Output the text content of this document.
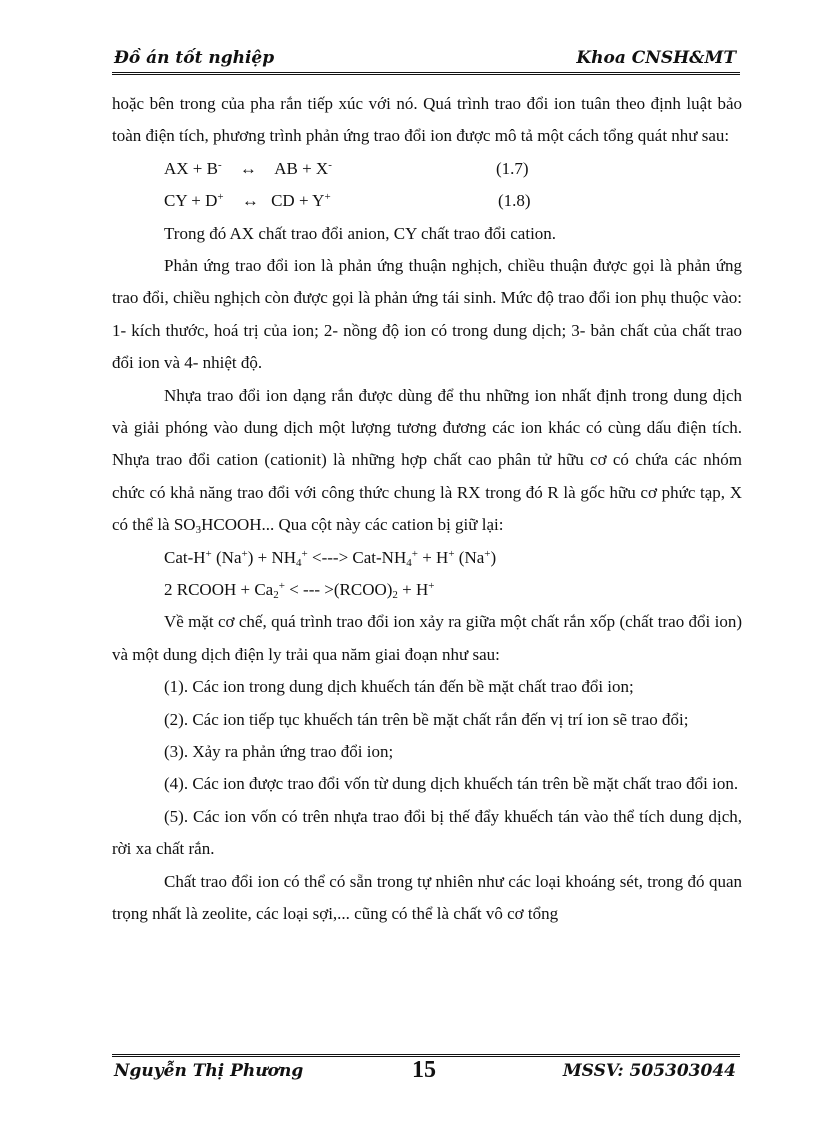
Đồ án tốt nghiệp	Khoa CNSH&MT

hoặc bên trong của pha rắn tiếp xúc với nó. Quá trình trao đổi ion tuân theo định luật bảo toàn điện tích, phương trình phản ứng trao đổi ion được mô tả một cách tổng quát như sau:

AX + B- ↔ AB + X-	(1.7)
CY + D+ ↔ CD + Y+	(1.8)

Trong đó AX chất trao đổi anion, CY chất trao đổi cation.

Phản ứng trao đổi ion là phản ứng thuận nghịch, chiều thuận được gọi là phản ứng trao đổi, chiều nghịch còn được gọi là phản ứng tái sinh. Mức độ trao đổi ion phụ thuộc vào: 1- kích thước, hoá trị của ion; 2- nồng độ ion có trong dung dịch; 3- bản chất của chất trao đổi ion và 4- nhiệt độ.

Nhựa trao đổi ion dạng rắn được dùng để thu những ion nhất định trong dung dịch và giải phóng vào dung dịch một lượng tương đương các ion khác có cùng dấu điện tích. Nhựa trao đổi cation (cationit) là những hợp chất cao phân tử hữu cơ có chứa các nhóm chức có khả năng trao đổi với công thức chung là RX trong đó R là gốc hữu cơ phức tạp, X có thể là $SO_3HCOOH$... Qua cột này các cation bị giữ lại:

Cat-H+ $(Na^+) + NH_4^+$ <---> Cat-$NH_4^+ + H^+$ (Na+)
2 RCOOH + $Ca_2^+$ < --- $>(RCOO)_2 + H^+$

Về mặt cơ chế, quá trình trao đổi ion xảy ra giữa một chất rắn xốp (chất trao đổi ion) và một dung dịch điện ly trải qua năm giai đoạn như sau:

(1). Các ion trong dung dịch khuếch tán đến bề mặt chất trao đổi ion;

(2). Các ion tiếp tục khuếch tán trên bề mặt chất rắn đến vị trí ion sẽ trao đổi;

(3). Xảy ra phản ứng trao đổi ion;

(4). Các ion được trao đổi vốn từ dung dịch khuếch tán trên bề mặt chất trao đổi ion.

(5). Các ion vốn có trên nhựa trao đổi bị thế đẩy khuếch tán vào thể tích dung dịch, rời xa chất rắn.

Chất trao đổi ion có thể có sẵn trong tự nhiên như các loại khoáng sét, trong đó quan trọng nhất là zeolite, các loại sợi,... cũng có thể là chất vô cơ tổng

Nguyễn Thị Phương	15	MSSV: 505303044
